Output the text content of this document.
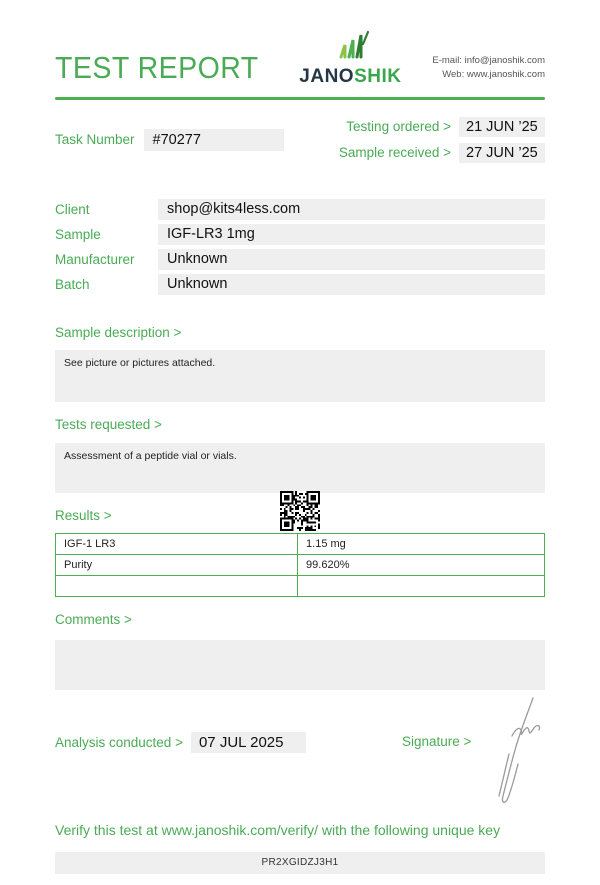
TEST REPORT JANOSHIK
E-mail: info@janoshik.com
Web: www.janoshik.com
Task Number	#70277
Testing ordered >	21 JUN ’25
Sample received >	27 JUN ’25
Client	shop@kits4less.com
Sample	IGF-LR3 1mg
Manufacturer	Unknown
Batch	Unknown
Sample description >
See picture or pictures attached.
Tests requested >
Assessment of a peptide vial or vials.
Results >
IGF-1 LR3	1.15 mg
Purity	99.620%

Comments >
Analysis conducted >	07 JUL 2025	Signature >
Verify this test at www.janoshik.com/verify/ with the following unique key
PR2XGIDZJ3H1
